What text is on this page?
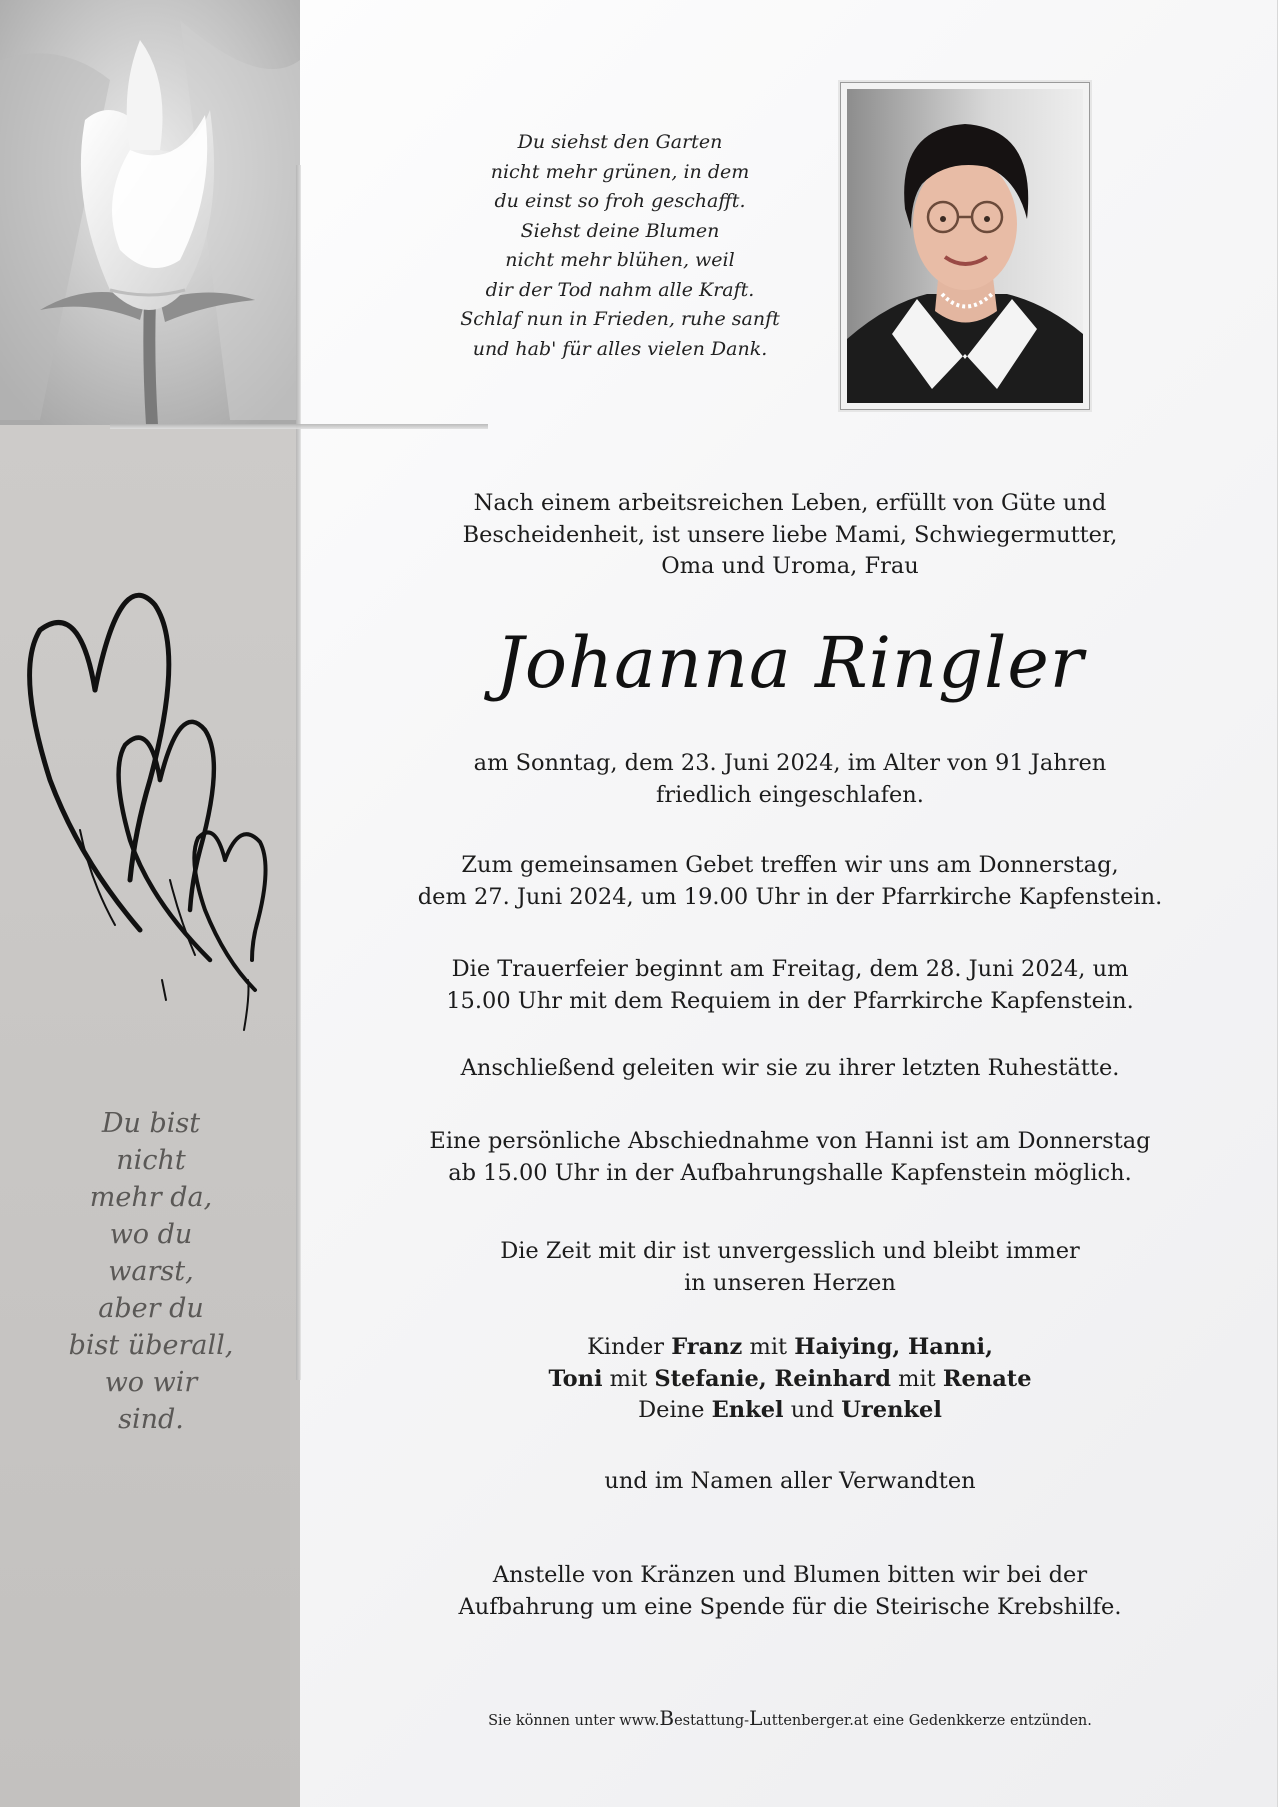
Du bist
nicht
mehr da,
wo du
warst,
aber du
bist überall,
wo wir
sind.
Du siehst den Garten
nicht mehr grünen, in dem
du einst so froh geschafft.
Siehst deine Blumen
nicht mehr blühen, weil
dir der Tod nahm alle Kraft.
Schlaf nun in Frieden, ruhe sanft
und hab' für alles vielen Dank.
Nach einem arbeitsreichen Leben, erfüllt von Güte und
Bescheidenheit, ist unsere liebe Mami, Schwiegermutter,
Oma und Uroma, Frau
Johanna Ringler
am Sonntag, dem 23. Juni 2024, im Alter von 91 Jahren
friedlich eingeschlafen.
Zum gemeinsamen Gebet treffen wir uns am Donnerstag,
dem 27. Juni 2024, um 19.00 Uhr in der Pfarrkirche Kapfenstein.
Die Trauerfeier beginnt am Freitag, dem 28. Juni 2024, um
15.00 Uhr mit dem Requiem in der Pfarrkirche Kapfenstein.
Anschließend geleiten wir sie zu ihrer letzten Ruhestätte.
Eine persönliche Abschiednahme von Hanni ist am Donnerstag
ab 15.00 Uhr in der Aufbahrungshalle Kapfenstein möglich.
Die Zeit mit dir ist unvergesslich und bleibt immer
in unseren Herzen
Kinder Franz mit Haiying, Hanni,
Toni mit Stefanie, Reinhard mit Renate
Deine Enkel und Urenkel
und im Namen aller Verwandten
Anstelle von Kränzen und Blumen bitten wir bei der
Aufbahrung um eine Spende für die Steirische Krebshilfe.
Sie können unter www.Bestattung-Luttenberger.at eine Gedenkkerze entzünden.
